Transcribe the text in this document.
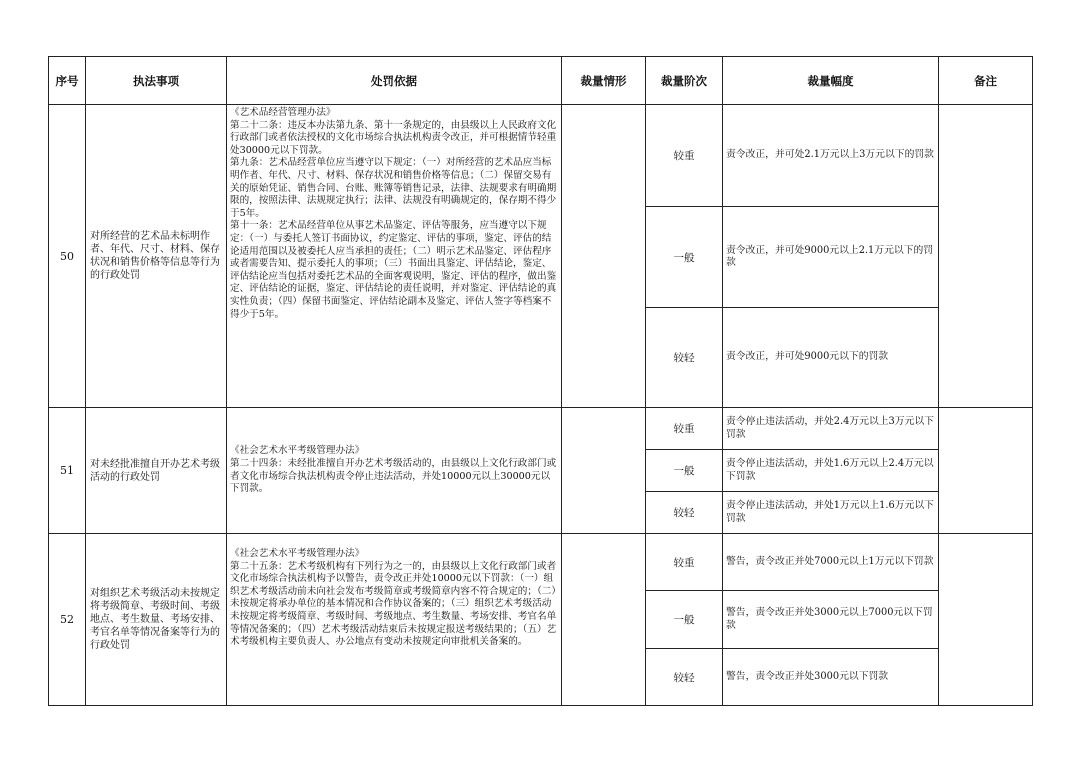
序号	执法事项	处罚依据	裁量情形	裁量阶次	裁量幅度	备注
50	对所经营的艺术品未标明作者、年代、尺寸、材料、保存状况和销售价格等信息等行为的行政处罚	《艺术品经营管理办法》
第二十二条：违反本办法第九条、第十一条规定的，由县级以上人民政府文化行政部门或者依法授权的文化市场综合执法机构责令改正，并可根据情节轻重处30000元以下罚款。
第九条：艺术品经营单位应当遵守以下规定：（一）对所经营的艺术品应当标明作者、年代、尺寸、材料、保存状况和销售价格等信息；（二）保留交易有关的原始凭证、销售合同、台账、账簿等销售记录，法律、法规要求有明确期限的，按照法律、法规规定执行；法律、法规没有明确规定的，保存期不得少于5年。
第十一条：艺术品经营单位从事艺术品鉴定、评估等服务，应当遵守以下规定：（一）与委托人签订书面协议，约定鉴定、评估的事项，鉴定、评估的结论适用范围以及被委托人应当承担的责任；（二）明示艺术品鉴定、评估程序或者需要告知、提示委托人的事项；（三）书面出具鉴定、评估结论，鉴定、评估结论应当包括对委托艺术品的全面客观说明，鉴定、评估的程序，做出鉴定、评估结论的证据，鉴定、评估结论的责任说明，并对鉴定、评估结论的真实性负责；（四）保留书面鉴定、评估结论副本及鉴定、评估人签字等档案不得少于5年。		较重	责令改正，并可处2.1万元以上3万元以下的罚款	
				一般	责令改正，并可处9000元以上2.1万元以下的罚款	
				较轻	责令改正，并可处9000元以下的罚款	
51	对未经批准擅自开办艺术考级活动的行政处罚	《社会艺术水平考级管理办法》
第二十四条：未经批准擅自开办艺术考级活动的，由县级以上文化行政部门或者文化市场综合执法机构责令停止违法活动，并处10000元以上30000元以下罚款。		较重	责令停止违法活动，并处2.4万元以上3万元以下罚款	
				一般	责令停止违法活动，并处1.6万元以上2.4万元以下罚款	
				较轻	责令停止违法活动，并处1万元以上1.6万元以下罚款	
52	对组织艺术考级活动未按规定将考级简章、考级时间、考级地点、考生数量、考场安排、考官名单等情况备案等行为的行政处罚	《社会艺术水平考级管理办法》
第二十五条：艺术考级机构有下列行为之一的，由县级以上文化行政部门或者文化市场综合执法机构予以警告，责令改正并处10000元以下罚款：（一）组织艺术考级活动前未向社会发布考级简章或考级简章内容不符合规定的；（二）未按规定将承办单位的基本情况和合作协议备案的；（三）组织艺术考级活动未按规定将考级简章、考级时间、考级地点、考生数量、考场安排、考官名单等情况备案的；（四）艺术考级活动结束后未按规定报送考级结果的；（五）艺术考级机构主要负责人、办公地点有变动未按规定向审批机关备案的。		较重	警告，责令改正并处7000元以上1万元以下罚款	
				一般	警告，责令改正并处3000元以上7000元以下罚款	
				较轻	警告，责令改正并处3000元以下罚款	
